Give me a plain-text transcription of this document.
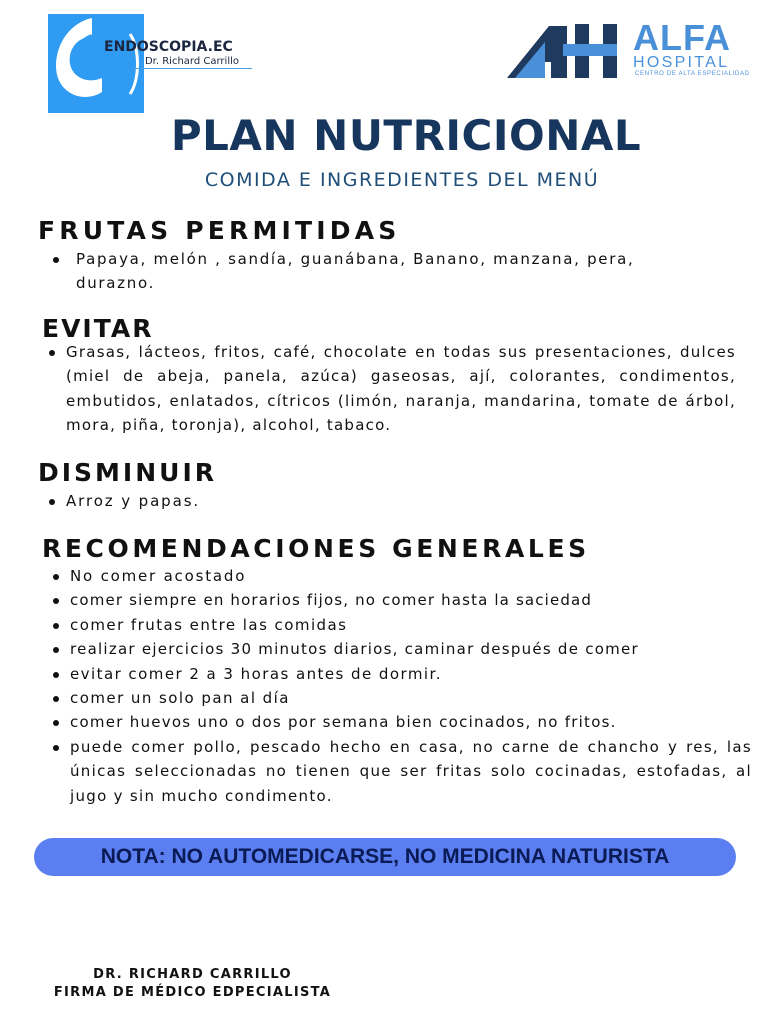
ENDOSCOPIA.EC
Dr. Richard Carrillo
ALFA
HOSPITAL
CENTRO DE ALTA ESPECIALIDAD
PLAN NUTRICIONAL
COMIDA E INGREDIENTES DEL MENÚ
FRUTAS PERMITIDAS
Papaya, melón , sandía, guanábana, Banano, manzana, pera, durazno.
EVITAR
Grasas, lácteos, fritos, café, chocolate en todas sus presentaciones, dulces (miel de abeja, panela, azúca) gaseosas, ají, colorantes, condimentos, embutidos, enlatados, cítricos (limón, naranja, mandarina, tomate de árbol, mora, piña, toronja), alcohol, tabaco.
DISMINUIR
Arroz y papas.
RECOMENDACIONES GENERALES
No comer acostado
comer siempre en horarios fijos, no comer hasta la saciedad
comer frutas entre las comidas
realizar ejercicios 30 minutos diarios, caminar después de comer
evitar comer 2 a 3 horas antes de dormir.
comer un solo pan al día
comer huevos uno o dos por semana bien cocinados, no fritos.
puede comer pollo, pescado hecho en casa, no carne de chancho y res, las únicas seleccionadas no tienen que ser fritas solo cocinadas, estofadas, al jugo y sin mucho condimento.
NOTA: NO AUTOMEDICARSE, NO MEDICINA NATURISTA
DR. RICHARD CARRILLO
FIRMA DE MÉDICO EDPECIALISTA
